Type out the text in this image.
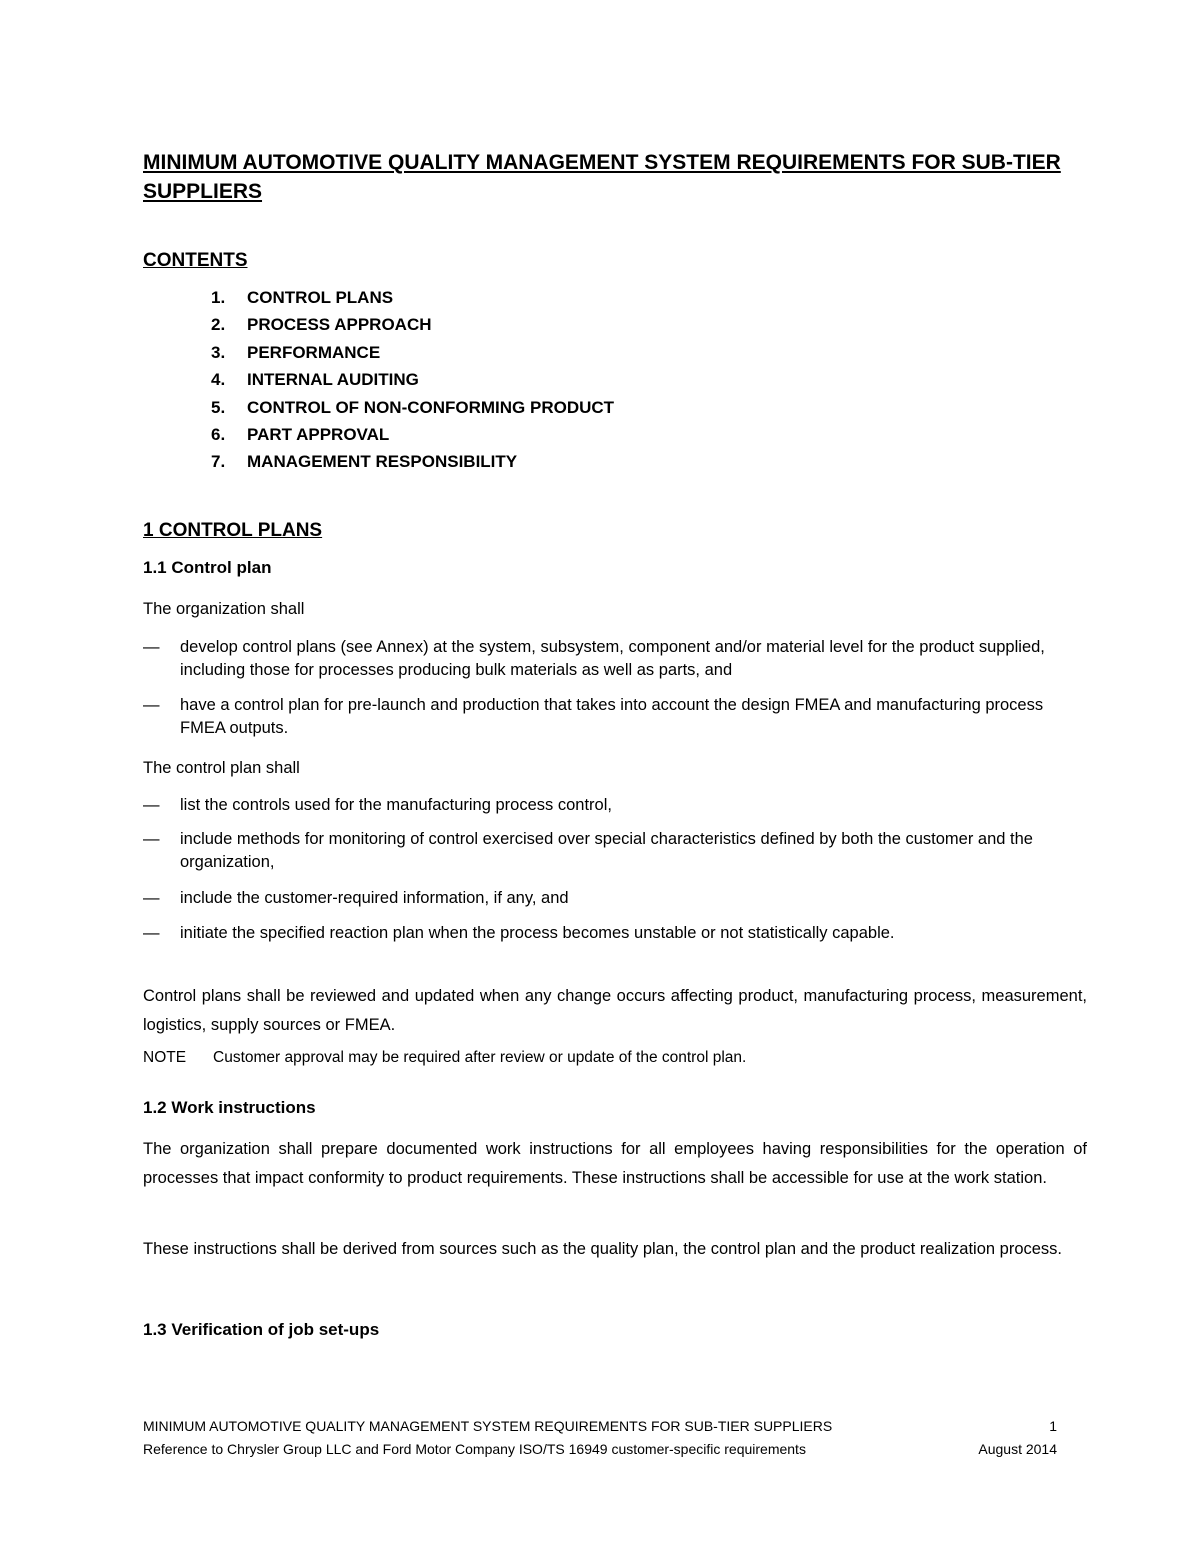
MINIMUM AUTOMOTIVE QUALITY MANAGEMENT SYSTEM REQUIREMENTS FOR SUB-TIER SUPPLIERS
CONTENTS
1. CONTROL PLANS
2. PROCESS APPROACH
3. PERFORMANCE
4. INTERNAL AUDITING
5. CONTROL OF NON-CONFORMING PRODUCT
6. PART APPROVAL
7. MANAGEMENT RESPONSIBILITY
1 CONTROL PLANS
1.1 Control plan
The organization shall
—	develop control plans (see Annex) at the system, subsystem, component and/or material level for the product supplied, including those for processes producing bulk materials as well as parts, and
—	have a control plan for pre-launch and production that takes into account the design FMEA and manufacturing process FMEA outputs.
The control plan shall
—	list the controls used for the manufacturing process control,
—	include methods for monitoring of control exercised over special characteristics defined by both the customer and the organization,
—	include the customer-required information, if any, and
—	initiate the specified reaction plan when the process becomes unstable or not statistically capable.
Control plans shall be reviewed and updated when any change occurs affecting product, manufacturing process, measurement, logistics, supply sources or FMEA.
NOTE Customer approval may be required after review or update of the control plan.
1.2 Work instructions
The organization shall prepare documented work instructions for all employees having responsibilities for the operation of processes that impact conformity to product requirements. These instructions shall be accessible for use at the work station.
These instructions shall be derived from sources such as the quality plan, the control plan and the product realization process.
1.3 Verification of job set-ups
MINIMUM AUTOMOTIVE QUALITY MANAGEMENT SYSTEM REQUIREMENTS FOR SUB-TIER SUPPLIERS	1
Reference to Chrysler Group LLC and Ford Motor Company ISO/TS 16949 customer-specific requirements	August 2014
